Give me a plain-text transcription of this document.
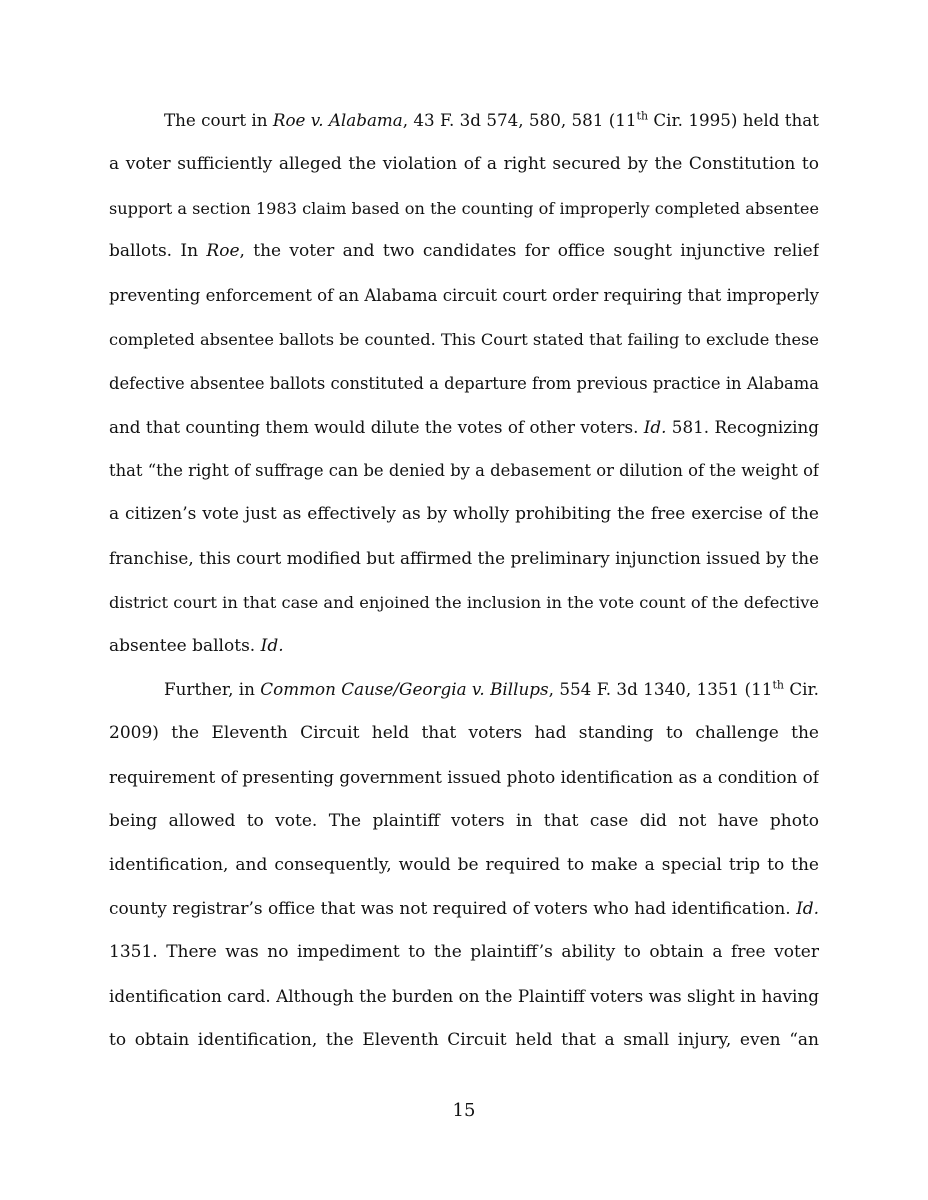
The court in Roe v. Alabama, 43 F. 3d 574, 580, 581 (11th Cir. 1995) held that
a voter sufficiently alleged the violation of a right secured by the Constitution to
support a section 1983 claim based on the counting of improperly completed absentee
ballots. In Roe, the voter and two candidates for office sought injunctive relief
preventing enforcement of an Alabama circuit court order requiring that improperly
completed absentee ballots be counted. This Court stated that failing to exclude these
defective absentee ballots constituted a departure from previous practice in Alabama
and that counting them would dilute the votes of other voters. Id. 581. Recognizing
that “the right of suffrage can be denied by a debasement or dilution of the weight of
a citizen’s vote just as effectively as by wholly prohibiting the free exercise of the
franchise, this court modified but affirmed the preliminary injunction issued by the
district court in that case and enjoined the inclusion in the vote count of the defective
absentee ballots. Id.
Further, in Common Cause/Georgia v. Billups, 554 F. 3d 1340, 1351 (11th Cir.
2009) the Eleventh Circuit held that voters had standing to challenge the
requirement of presenting government issued photo identification as a condition of
being allowed to vote. The plaintiff voters in that case did not have photo
identification, and consequently, would be required to make a special trip to the
county registrar’s office that was not required of voters who had identification. Id.
1351. There was no impediment to the plaintiff’s ability to obtain a free voter
identification card. Although the burden on the Plaintiff voters was slight in having
to obtain identification, the Eleventh Circuit held that a small injury, even “an
15
